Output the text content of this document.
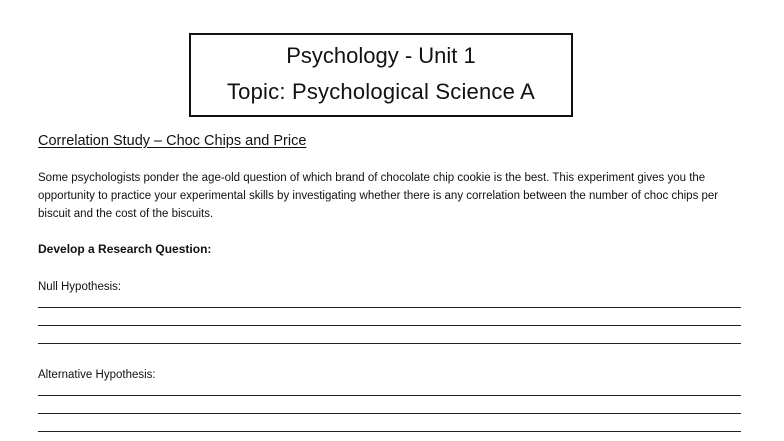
Psychology - Unit 1
Topic: Psychological Science A
Correlation Study – Choc Chips and Price
Some psychologists ponder the age-old question of which brand of chocolate chip cookie is the best. This experiment gives you the opportunity to practice your experimental skills by investigating whether there is any correlation between the number of choc chips per biscuit and the cost of the biscuits.
Develop a Research Question:
Null Hypothesis:
Alternative Hypothesis:
